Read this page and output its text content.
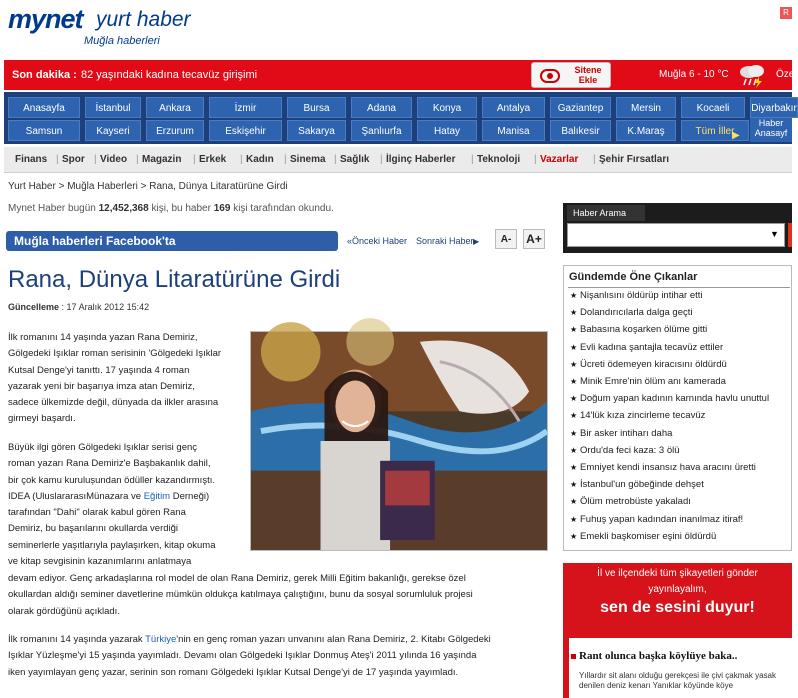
mynet yurt haber
Muğla haberleri
Son dakika : 82 yaşındaki kadına tecavüz girişimi	Sitene Ekle	Muğla 6 - 10 °C	Özel
Anasayfa	İstanbul	Ankara	İzmir	Bursa	Adana	Konya	Antalya	Gaziantep	Mersin	Kocaeli	Diyarbakır
Samsun	Kayseri	Erzurum	Eskişehir	Sakarya	Şanlıurfa	Hatay	Manisa	Balıkesir	K.Maraş	Tüm İller
▶
Haber Anasayf
Finans | Spor | Video | Magazin | Erkek | Kadın | Sinema | Sağlık | İlginç Haberler | Teknoloji | Vazarlar | Şehir Fırsatları
R
Yurt Haber > Muğla Haberleri > Rana, Dünya Litaratürüne Girdi
Mynet Haber bugün 12,452,368 kişi, bu haber 169 kişi tarafından okundu.
Muğla haberleri Facebook'ta	«Önceki Haber Sonraki Haber ▶	A-	A+
Rana, Dünya Litaratürüne Girdi
Güncelleme : 17 Aralık 2012 15:42
İlk romanını 14 yaşında yazan Rana Demiriz,
Gölgedeki Işıklar roman serisinin 'Gölgedeki Işıklar
Kutsal Denge'yi tanıttı. 17 yaşında 4 roman
yazarak yeni bir başarıya imza atan Demiriz,
sadece ülkemizde değil, dünyada da ilkler arasına
girmeyi başardı.
Büyük ilgi gören Gölgedeki Işıklar serisi genç
roman yazarı Rana Demiriz'e Başbakanlık dahil,
bir çok kamu kurulușundan ödüller kazandırmıştı.
IDEA (UluslararasıMünazara ve Eğitim Derneği)
tarafından "Dahi" olarak kabul gören Rana
Demiriz, bu başarılarını okullarda verdiği
seminerlerle yaşıtlarıyla paylaşırken, kitap okuma
ve kitap sevgisinin kazanımlarını anlatmaya
devam ediyor. Genç arkadaşlarına rol model de olan Rana Demiriz, gerek Milli Eğitim bakanlığı, gerekse özel
okullardan aldığı seminer davetlerine mümkün oldukça katılmaya çalıştığını, bunu da sosyal sorumluluk projesi
olarak gördüğünü açıkladı.
İlk romanını 14 yaşında yazarak Türkiye'nin en genç roman yazarı unvanını alan Rana Demiriz, 2. Kitabı Gölgedeki
Işıklar Yüzleşme'yi 15 yaşında yayımladı. Devamı olan Gölgedeki Işıklar Donmuş Ateş'i 2011 yılında 16 yaşında
iken yayımlayan genç yazar, serinin son romanı Gölgedeki Işıklar Kutsal Denge'yi de 17 yaşında yayımladı.
Haber Arama
▼
Gündemde Öne Çıkanlar
★ Nişanlısını öldürüp intihar etti
★ Dolandırıcılarla dalga geçti
★ Babasına koşarken ölüme gitti
★ Evli kadına şantajla tecavüz ettiler
★ Ücreti ödemeyen kiracısını öldürdü
★ Minik Emre'nin ölüm anı kamerada
★ Doğum yapan kadının karnında havlu unuttul
★ 14'lük kıza zincirleme tecavüz
★ Bir asker intiharı daha
★ Ordu'da feci kaza: 3 ölü
★ Emniyet kendi insansız hava aracını üretti
★ İstanbul'un göbeğinde dehşet
★ Ölüm metrobüste yakaladı
★ Fuhuş yapan kadından inanılmaz itiraf!
★ Emekli başkomiser eşini öldürdü
İl ve ilçendeki tüm şikayetleri gönder
yayınlayalım,
sen de sesini duyur!
Rant olunca başka köylüye baka..
Yıllardır sit alanı olduğu gerekçesi ile çivi çakmak yasak denilen deniz kenarı Yanıklar köyünde köye
